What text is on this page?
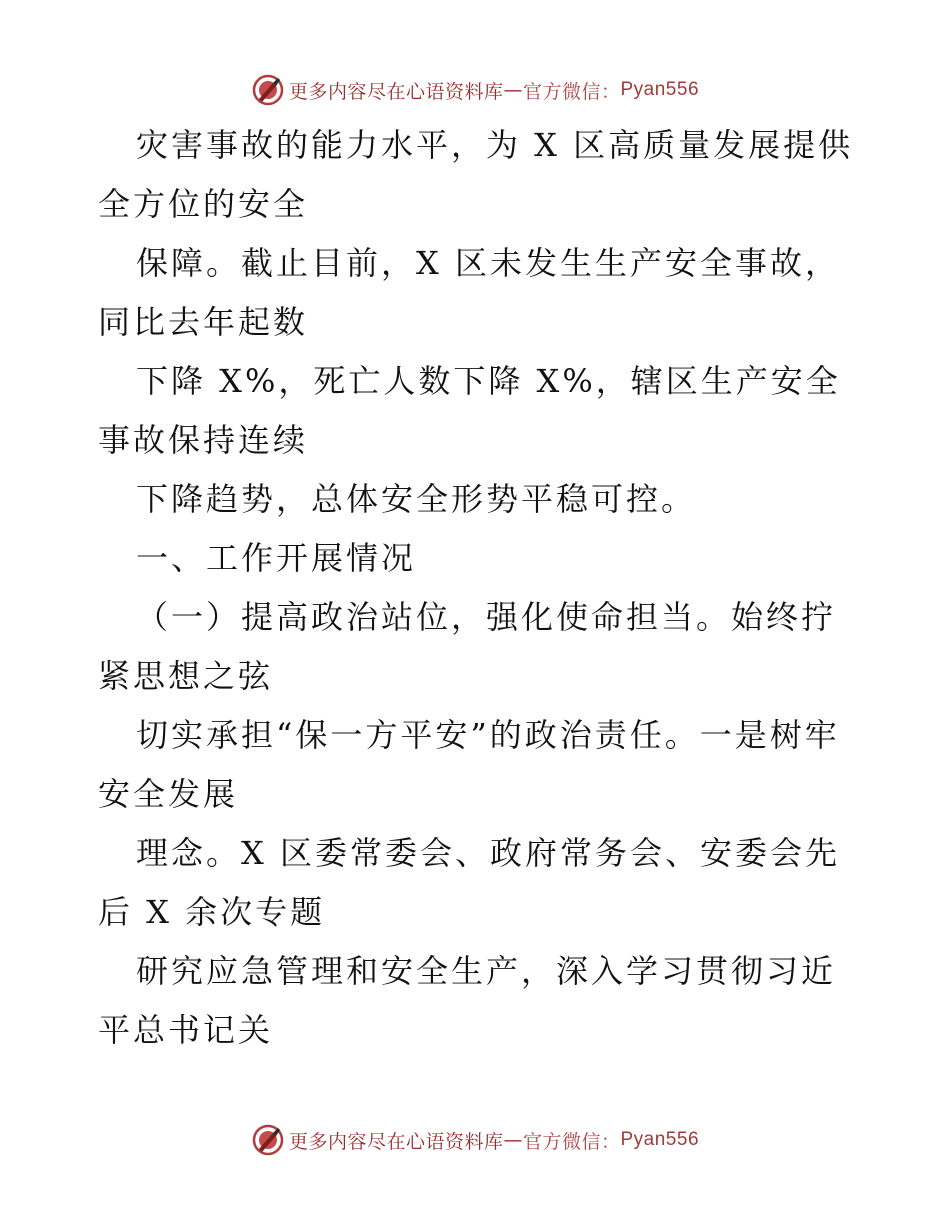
更多内容尽在心语资料库 — 官方微信： Pyan556

灾害事故的能力水平，为 X 区高质量发展提供全方位的安全

保障。截止目前，X 区未发生生产安全事故，同比去年起数

下降 X%，死亡人数下降 X%，辖区生产安全事故保持连续

下降趋势，总体安全形势平稳可控。

一、工作开展情况

（一）提高政治站位，强化使命担当。始终拧紧思想之弦

切实承担“保一方平安”的政治责任。一是树牢安全发展

理念。X 区委常委会、政府常务会、安委会先后 X 余次专题

研究应急管理和安全生产，深入学习贯彻习近平总书记关

更多内容尽在心语资料库 — 官方微信： Pyan556
